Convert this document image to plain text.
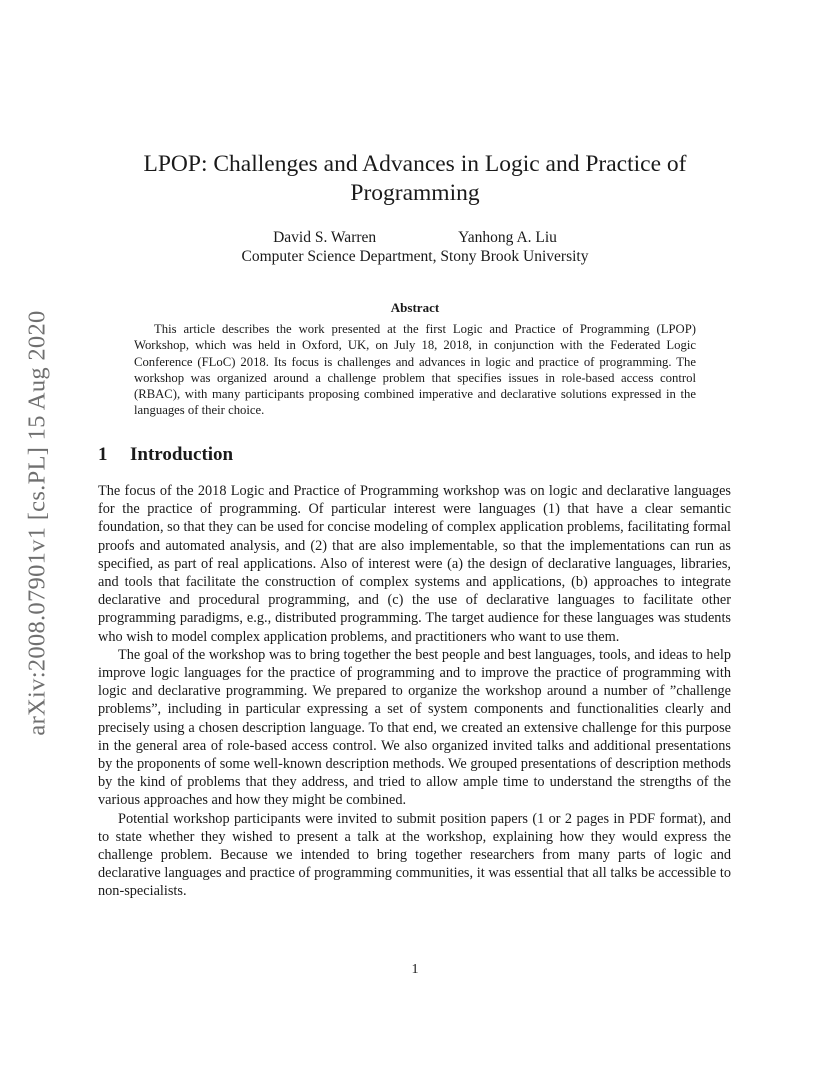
arXiv:2008.07901v1 [cs.PL] 15 Aug 2020
LPOP: Challenges and Advances in Logic and Practice of Programming
David S. Warren	Yanhong A. Liu
Computer Science Department, Stony Brook University
Abstract

This article describes the work presented at the first Logic and Practice of Programming (LPOP) Workshop, which was held in Oxford, UK, on July 18, 2018, in conjunction with the Federated Logic Conference (FLoC) 2018. Its focus is challenges and advances in logic and practice of programming. The workshop was organized around a challenge problem that specifies issues in role-based access control (RBAC), with many participants proposing combined imperative and declarative solutions expressed in the languages of their choice.

1 Introduction

The focus of the 2018 Logic and Practice of Programming workshop was on logic and declarative languages for the practice of programming. Of particular interest were languages (1) that have a clear semantic foundation, so that they can be used for concise modeling of complex application problems, facilitating formal proofs and automated analysis, and (2) that are also implementable, so that the implementations can run as specified, as part of real applications. Also of interest were (a) the design of declarative languages, libraries, and tools that facilitate the construction of complex systems and applications, (b) approaches to integrate declarative and procedural programming, and (c) the use of declarative languages to facilitate other programming paradigms, e.g., distributed programming. The target audience for these languages was students who wish to model complex application problems, and practitioners who want to use them.

The goal of the workshop was to bring together the best people and best languages, tools, and ideas to help improve logic languages for the practice of programming and to improve the practice of programming with logic and declarative programming. We prepared to organize the workshop around a number of ”challenge problems”, including in particular expressing a set of system components and functionalities clearly and precisely using a chosen description language. To that end, we created an extensive challenge for this purpose in the general area of role-based access control. We also organized invited talks and additional presentations by the proponents of some well-known description methods. We grouped presentations of description methods by the kind of problems that they address, and tried to allow ample time to understand the strengths of the various approaches and how they might be combined.

Potential workshop participants were invited to submit position papers (1 or 2 pages in PDF format), and to state whether they wished to present a talk at the workshop, explaining how they would express the challenge problem. Because we intended to bring together researchers from many parts of logic and declarative languages and practice of programming communities, it was essential that all talks be accessible to non-specialists.

1
